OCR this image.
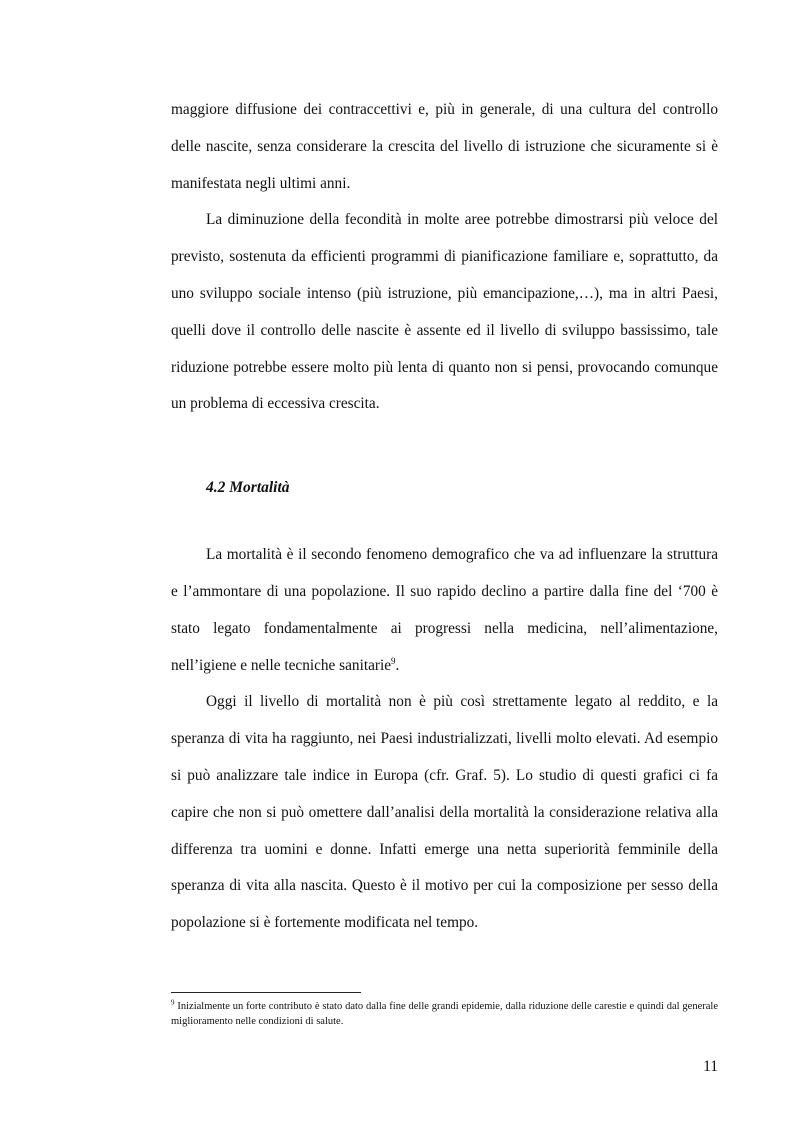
maggiore diffusione dei contraccettivi e, più in generale, di una cultura del controllo delle nascite, senza considerare la crescita del livello di istruzione che sicuramente si è manifestata negli ultimi anni.

La diminuzione della fecondità in molte aree potrebbe dimostrarsi più veloce del previsto, sostenuta da efficienti programmi di pianificazione familiare e, soprattutto, da uno sviluppo sociale intenso (più istruzione, più emancipazione,…), ma in altri Paesi, quelli dove il controllo delle nascite è assente ed il livello di sviluppo bassissimo, tale riduzione potrebbe essere molto più lenta di quanto non si pensi, provocando comunque un problema di eccessiva crescita.

4.2 Mortalità

La mortalità è il secondo fenomeno demografico che va ad influenzare la struttura e l’ammontare di una popolazione. Il suo rapido declino a partire dalla fine del ‘700 è stato legato fondamentalmente ai progressi nella medicina, nell’alimentazione, nell’igiene e nelle tecniche sanitarie$^9$.

Oggi il livello di mortalità non è più così strettamente legato al reddito, e la speranza di vita ha raggiunto, nei Paesi industrializzati, livelli molto elevati. Ad esempio si può analizzare tale indice in Europa (cfr. Graf. 5). Lo studio di questi grafici ci fa capire che non si può omettere dall’analisi della mortalità la considerazione relativa alla differenza tra uomini e donne. Infatti emerge una netta superiorità femminile della speranza di vita alla nascita. Questo è il motivo per cui la composizione per sesso della popolazione si è fortemente modificata nel tempo.

$^9$ Inizialmente un forte contributo è stato dato dalla fine delle grandi epidemie, dalla riduzione delle carestie e quindi dal generale miglioramento nelle condizioni di salute.
11
